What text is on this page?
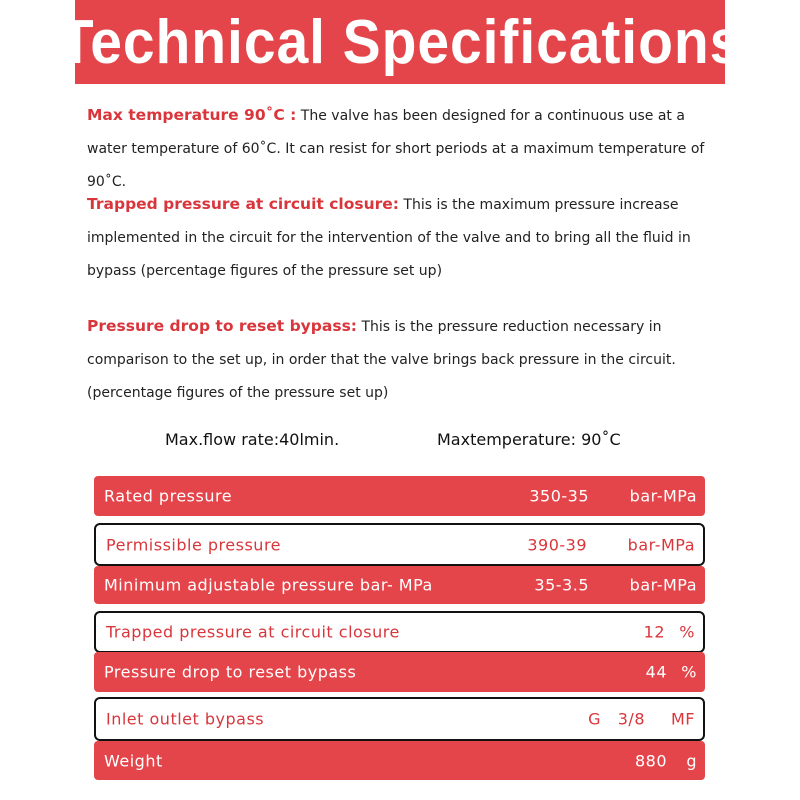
Technical Specifications
Max temperature 90˚C : The valve has been designed for a continuous use at a water temperature of 60˚C. It can resist for short periods at a maximum temperature of 90˚C.
Trapped pressure at circuit closure: This is the maximum pressure increase implemented in the circuit for the intervention of the valve and to bring all the fluid in bypass (percentage figures of the pressure set up)
Pressure drop to reset bypass: This is the pressure reduction necessary in comparison to the set up, in order that the valve brings back pressure in the circuit. (percentage figures of the pressure set up)
Max.flow rate:40lmin.	Maxtemperature: 90˚C
Rated pressure	350-35	bar-MPa
Permissible pressure	390-39	bar-MPa
Minimum adjustable pressure bar- MPa	35-3.5	bar-MPa
Trapped pressure at circuit closure	12 %
Pressure drop to reset bypass	44 %
Inlet outlet bypass	G   3/8 MF
Weight	880 g
